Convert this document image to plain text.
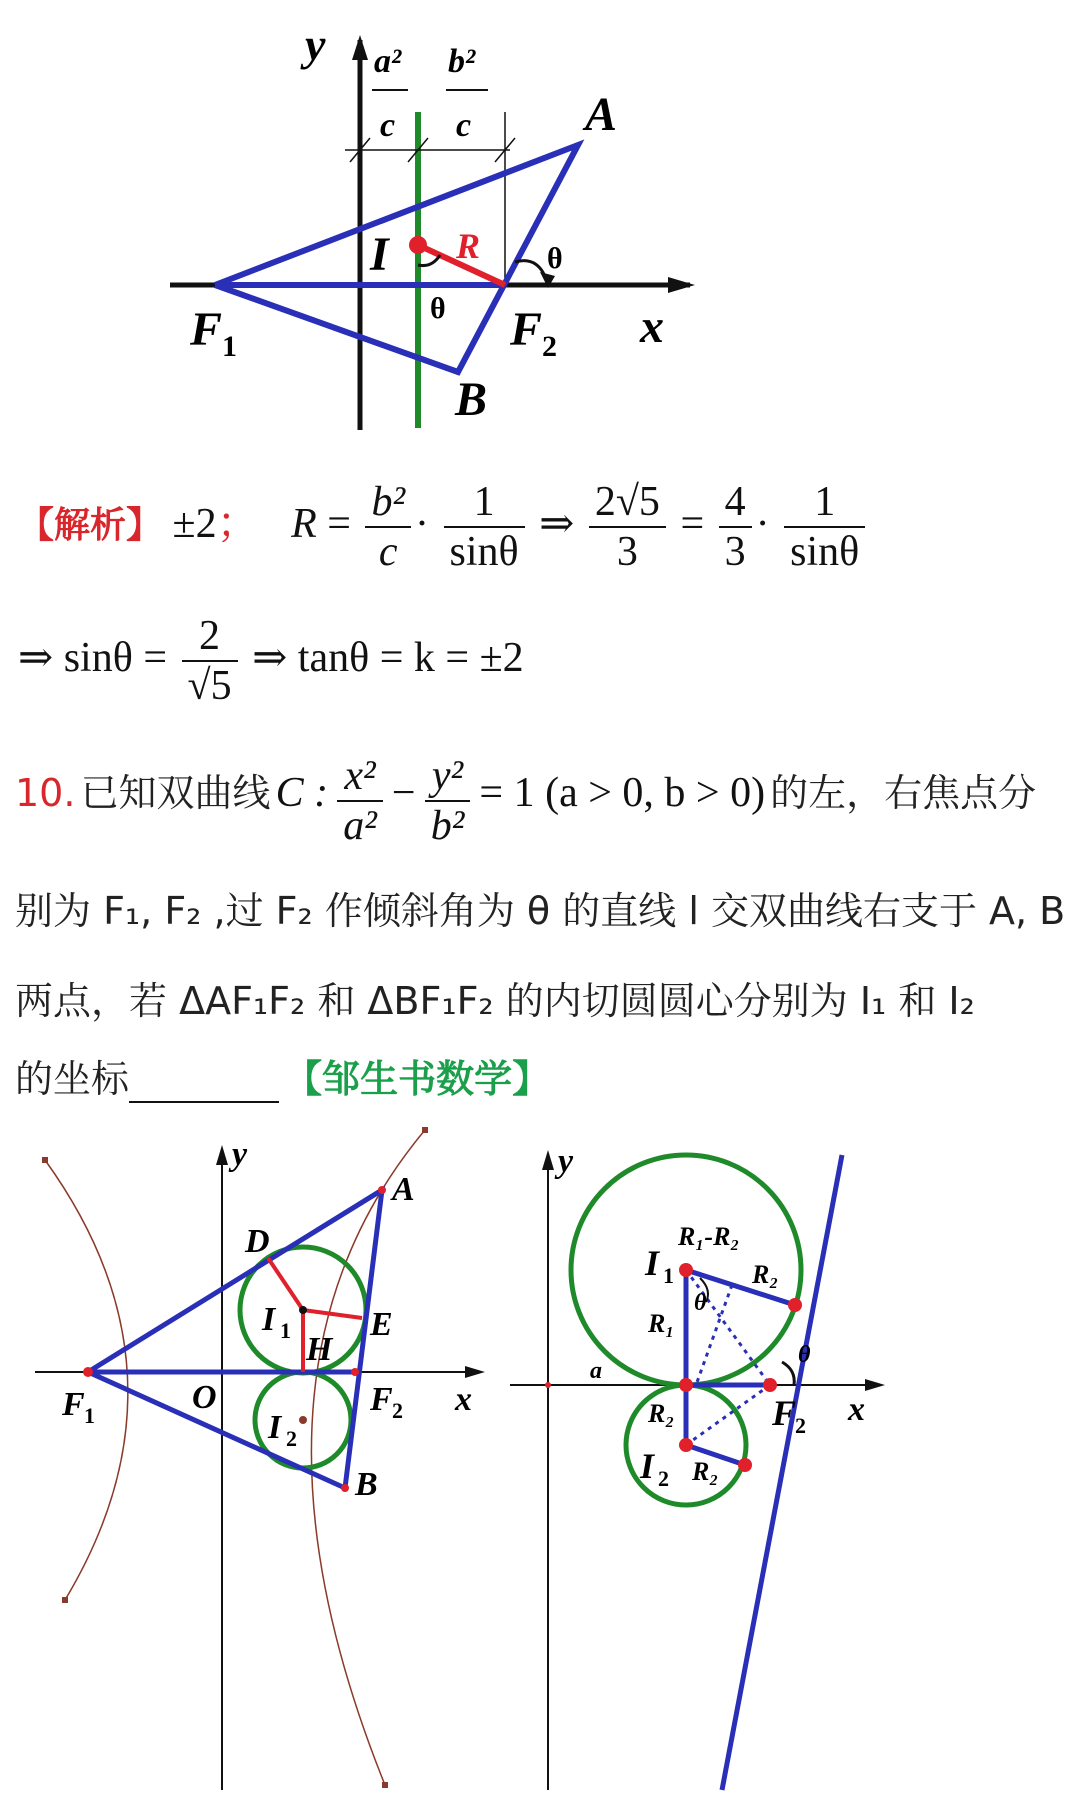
y
x
a² b²
c c A
B
F 1	F 2
I R
θ
θ
【解析】 ±2； $R = \frac{\text{b²}}{c} \cdot \frac{1}{\sin\theta}$ ⇒ $\frac{2√5}{3} = \frac{4}{3} \cdot \frac{1}{\sin\theta}$
⇒ $\sin\theta = \frac{2}{√5}$ ⇒ tanθ = k = ±2
10. 已知双曲线 C : $\frac{\text{x²}}{\text{a²}} - \frac{\text{y²}}{\text{b²}} = 1$ (a > 0, b > 0) 的左，右焦点分
别为 F₁, F₂ ,过 F₂ 作倾斜角为 θ 的直线 l 交双曲线右支于 A, B
两点，若 ΔAF₁F₂ 和 ΔBF₁F₂ 的内切圆圆心分别为 I₁ 和 I₂
的坐标	【邹生书数学】
y
x
A
B
D
E
H
O
F 1	F 2
I 1
I 2
y
x
I 1
I 2
R₁-R₂
R₂
R₁
R₂
R₂
a
θ
θ
F
2
